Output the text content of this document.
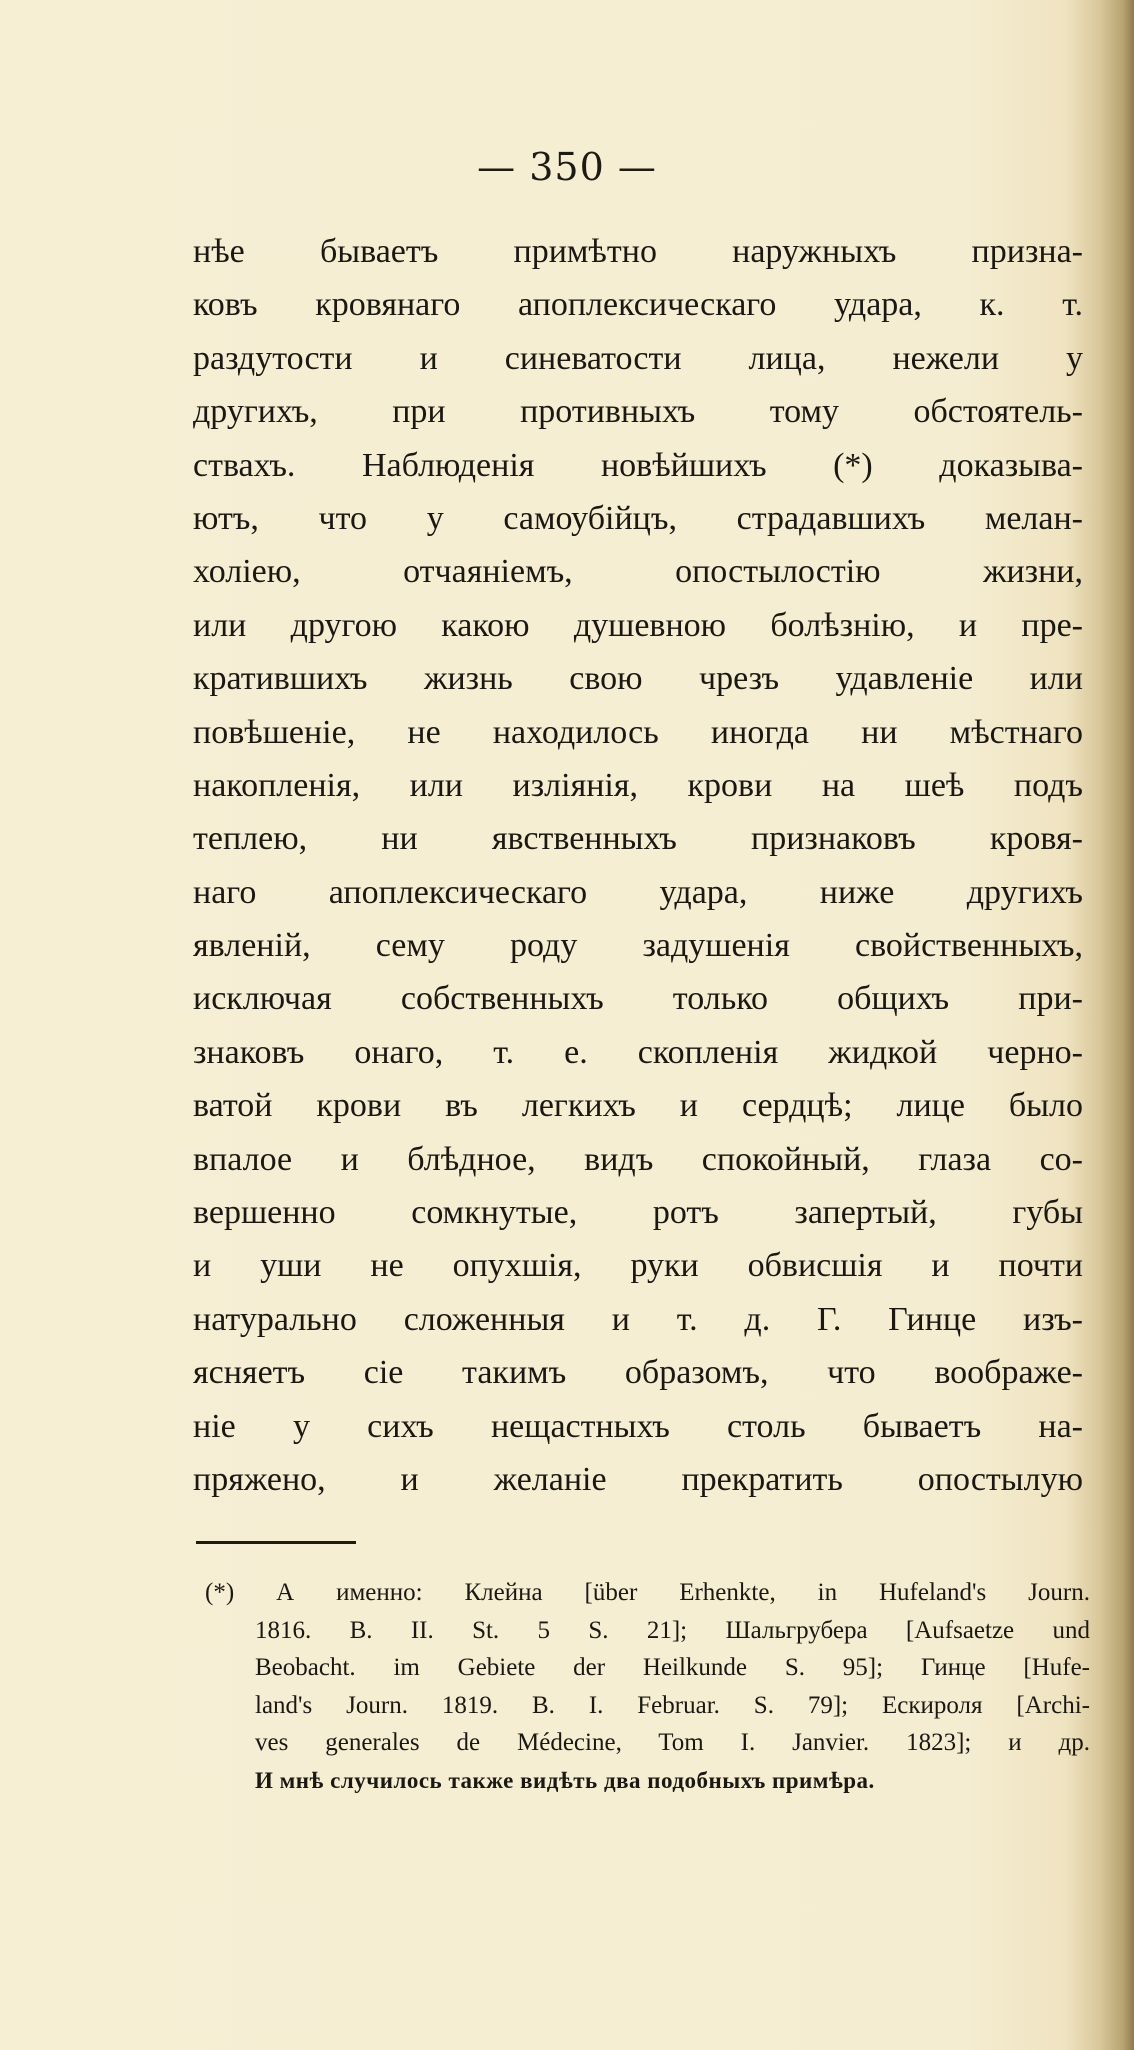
— 350 —
нѣе бываетъ примѣтно наружныхъ призна-
ковъ кровянаго апоплексическаго удара, к. т.
раздутости и синеватости лица, нежели у
другихъ, при противныхъ тому обстоятель-
ствахъ. Наблюденія новѣйшихъ (*) доказыва-
ютъ, что у самоубійцъ, страдавшихъ мелан-
холіею, отчаяніемъ, опостылостію жизни,
или другою какою душевною болѣзнію, и пре-
кратившихъ жизнь свою чрезъ удавленіе или
повѣшеніе, не находилось иногда ни мѣстнаго
накопленія, или изліянія, крови на шеѣ подъ
теплею, ни явственныхъ признаковъ кровя-
наго апоплексическаго удара, ниже другихъ
явленій, сему роду задушенія свойственныхъ,
исключая собственныхъ только общихъ при-
знаковъ онаго, т. е. скопленія жидкой черно-
ватой крови въ легкихъ и сердцѣ; лице было
впалое и блѣдное, видъ спокойный, глаза со-
вершенно сомкнутые, ротъ запертый, губы
и уши не опухшія, руки обвисшія и почти
натурально сложенныя и т. д. Г. Гинце изъ-
ясняетъ сіе такимъ образомъ, что воображе-
ніе у сихъ нещастныхъ столь бываетъ на-
пряжено, и желаніе прекратить опостылую
(*) А именно: Клейна [über Erhenkte, in Hufeland's Journ.
1816. B. II. St. 5 S. 21]; Шальгрубера [Aufsaetze und
Beobacht. im Gebiete der Heilkunde S. 95]; Гинце [Hufe-
land's Journ. 1819. B. I. Februar. S. 79]; Ескироля [Archi-
ves generales de Médecine, Tom I. Janvier. 1823]; и др.
И мнѣ случилось также видѣть два подобныхъ примѣра.
